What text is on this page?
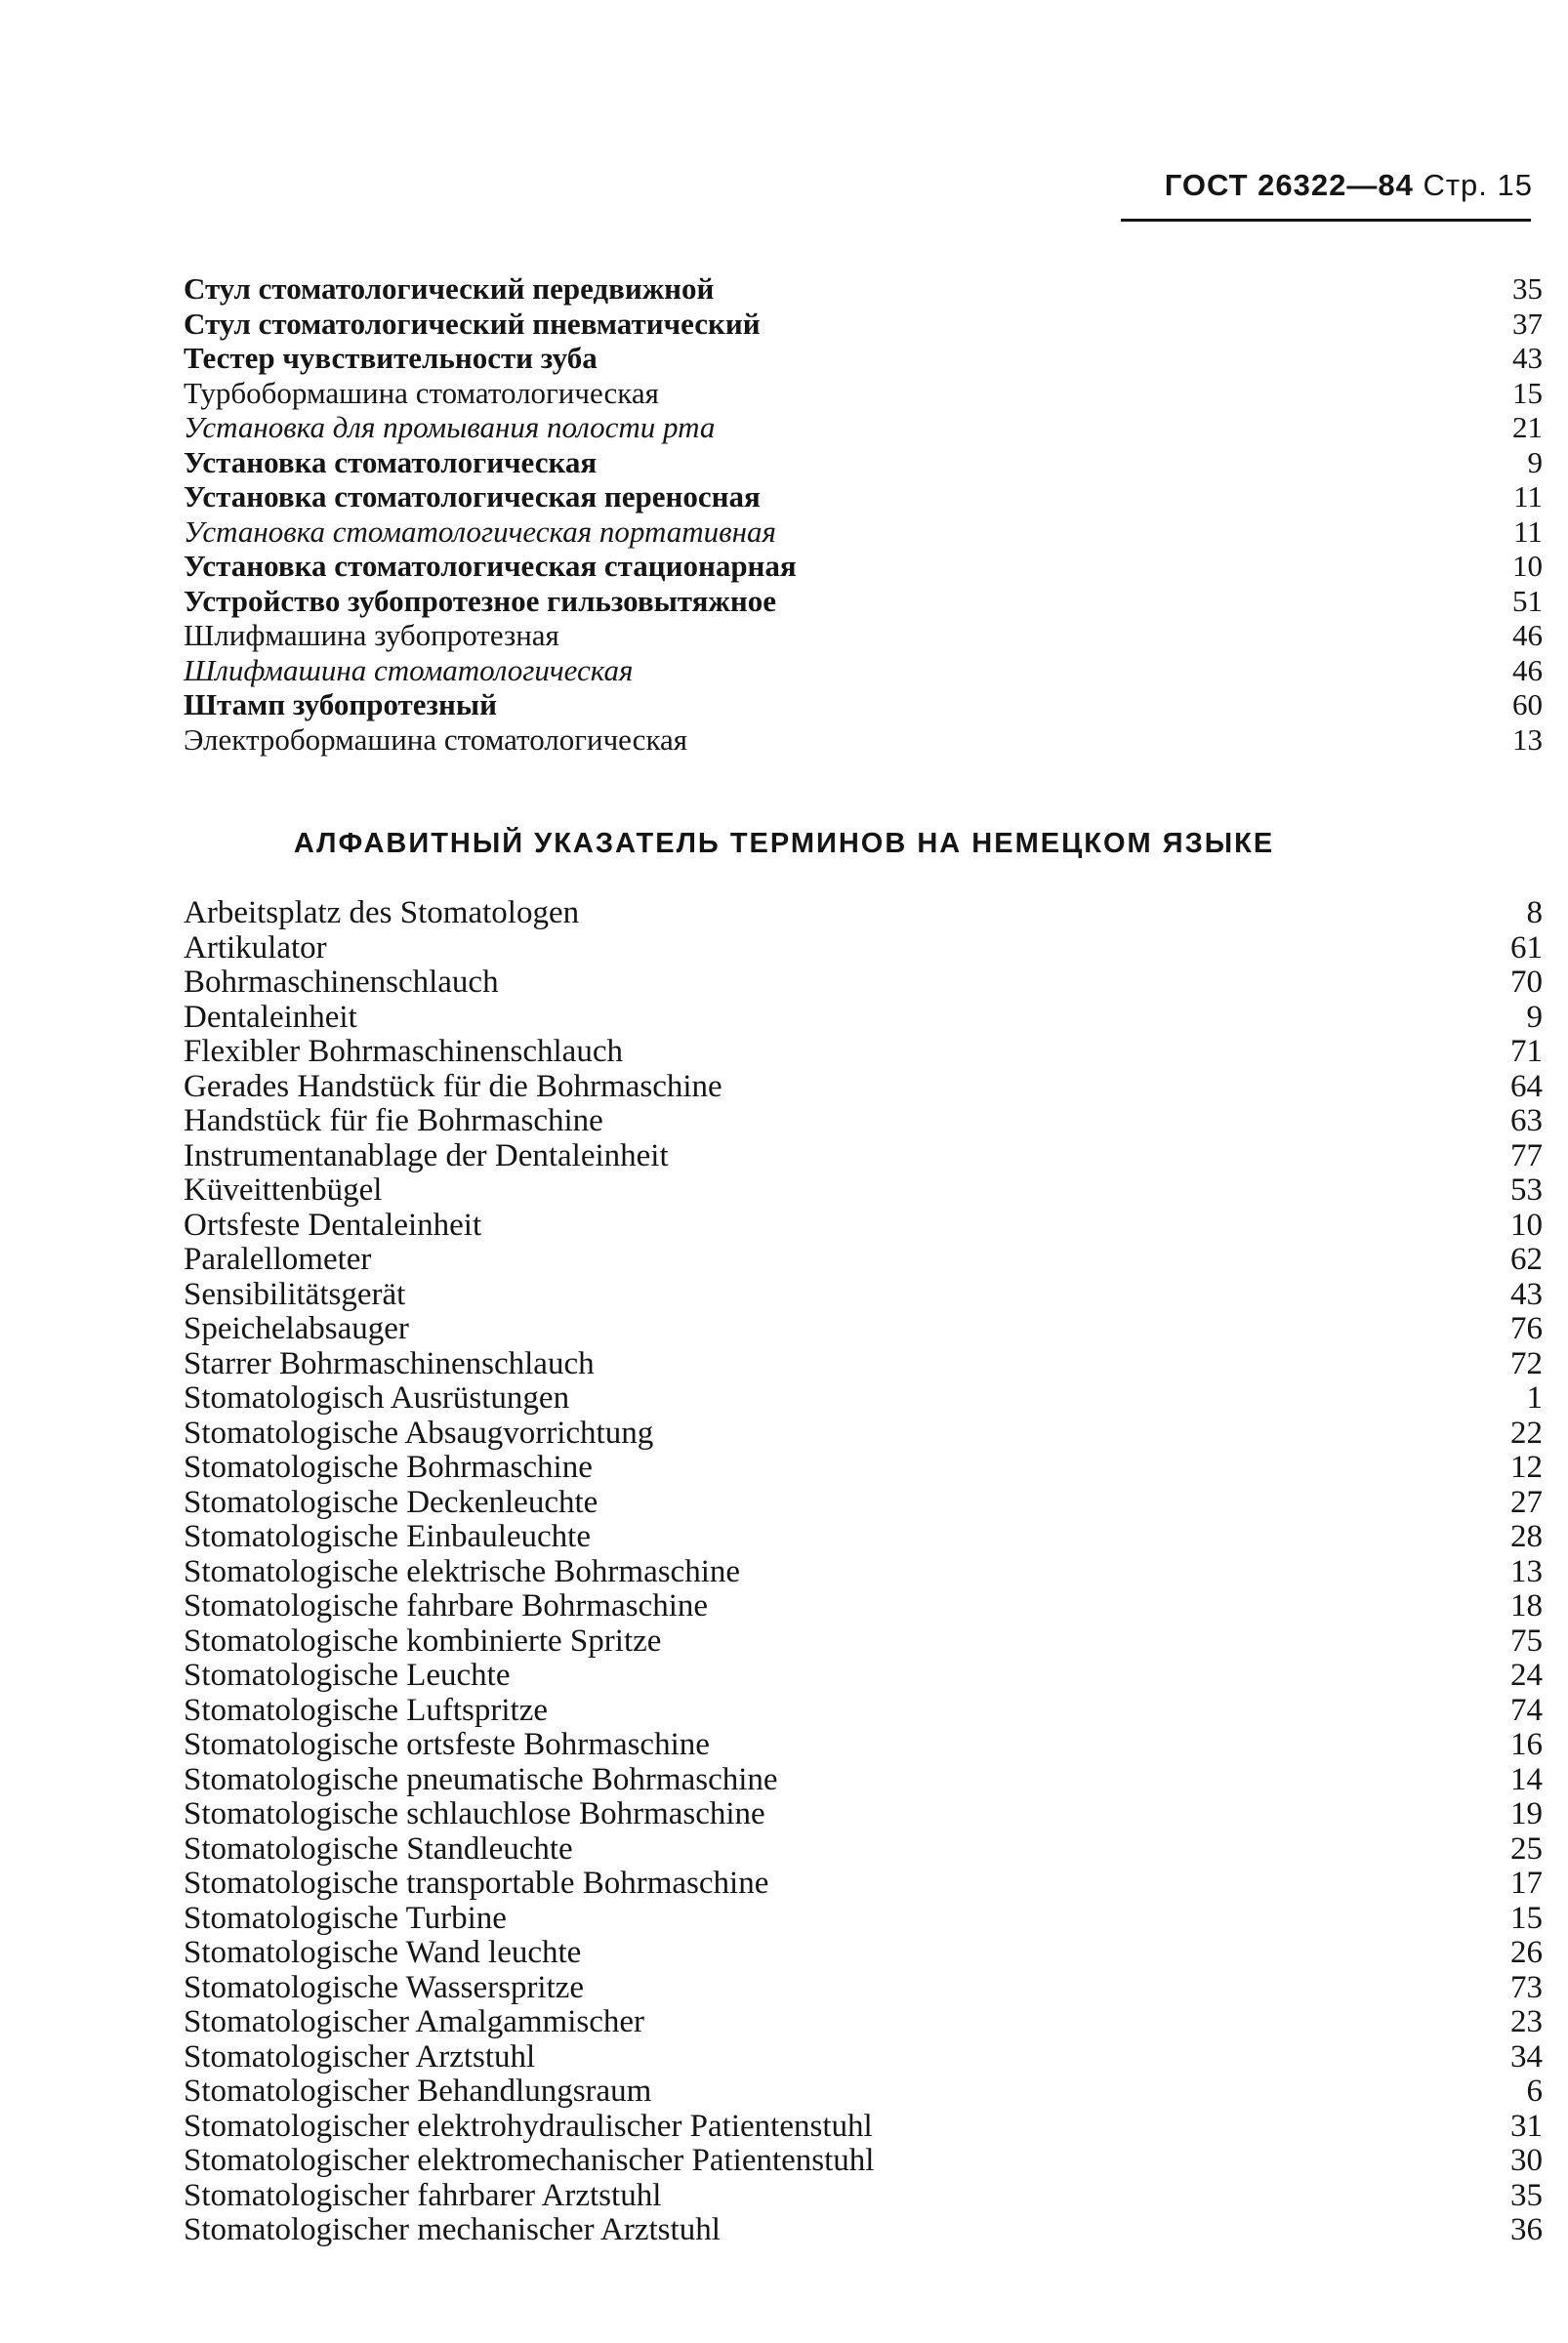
ГОСТ 26322—84 Стр. 15
Стул стоматологический передвижной	35
Стул стоматологический пневматический	37
Тестер чувствительности зуба	43
Турбобормашина стоматологическая	15
Установка для промывания полости рта	21
Установка стоматологическая	9
Установка стоматологическая переносная	11
Установка стоматологическая портативная	11
Установка стоматологическая стационарная	10
Устройство зубопротезное гильзовытяжное	51
Шлифмашина зубопротезная	46
Шлифмашина стоматологическая	46
Штамп зубопротезный	60
Электробормашина стоматологическая	13
АЛФАВИТНЫЙ УКАЗАТЕЛЬ ТЕРМИНОВ НА НЕМЕЦКОМ ЯЗЫКЕ
Arbeitsplatz des Stomatologen	8
Artikulator	61
Bohrmaschinenschlauch	70
Dentaleinheit	9
Flexibler Bohrmaschinenschlauch	71
Gerades Handstück für die Bohrmaschine	64
Handstück für fie Bohrmaschine	63
Instrumentanablage der Dentaleinheit	77
Küveittenbügel	53
Ortsfeste Dentaleinheit	10
Paralellometer	62
Sensibilitätsgerät	43
Speichelabsauger	76
Starrer Bohrmaschinenschlauch	72
Stomatologisch Ausrüstungen	1
Stomatologische Absaugvorrichtung	22
Stomatologische Bohrmaschine	12
Stomatologische Deckenleuchte	27
Stomatologische Einbauleuchte	28
Stomatologische elektrische Bohrmaschine	13
Stomatologische fahrbare Bohrmaschine	18
Stomatologische kombinierte Spritze	75
Stomatologische Leuchte	24
Stomatologische Luftspritze	74
Stomatologische ortsfeste Bohrmaschine	16
Stomatologische pneumatische Bohrmaschine	14
Stomatologische schlauchlose Bohrmaschine	19
Stomatologische Standleuchte	25
Stomatologische transportable Bohrmaschine	17
Stomatologische Turbine	15
Stomatologische Wand leuchte	26
Stomatologische Wasserspritze	73
Stomatologischer Amalgammischer	23
Stomatologischer Arztstuhl	34
Stomatologischer Behandlungsraum	6
Stomatologischer elektrohydraulischer Patientenstuhl	31
Stomatologischer elektromechanischer Patientenstuhl	30
Stomatologischer fahrbarer Arztstuhl	35
Stomatologischer mechanischer Arztstuhl	36
